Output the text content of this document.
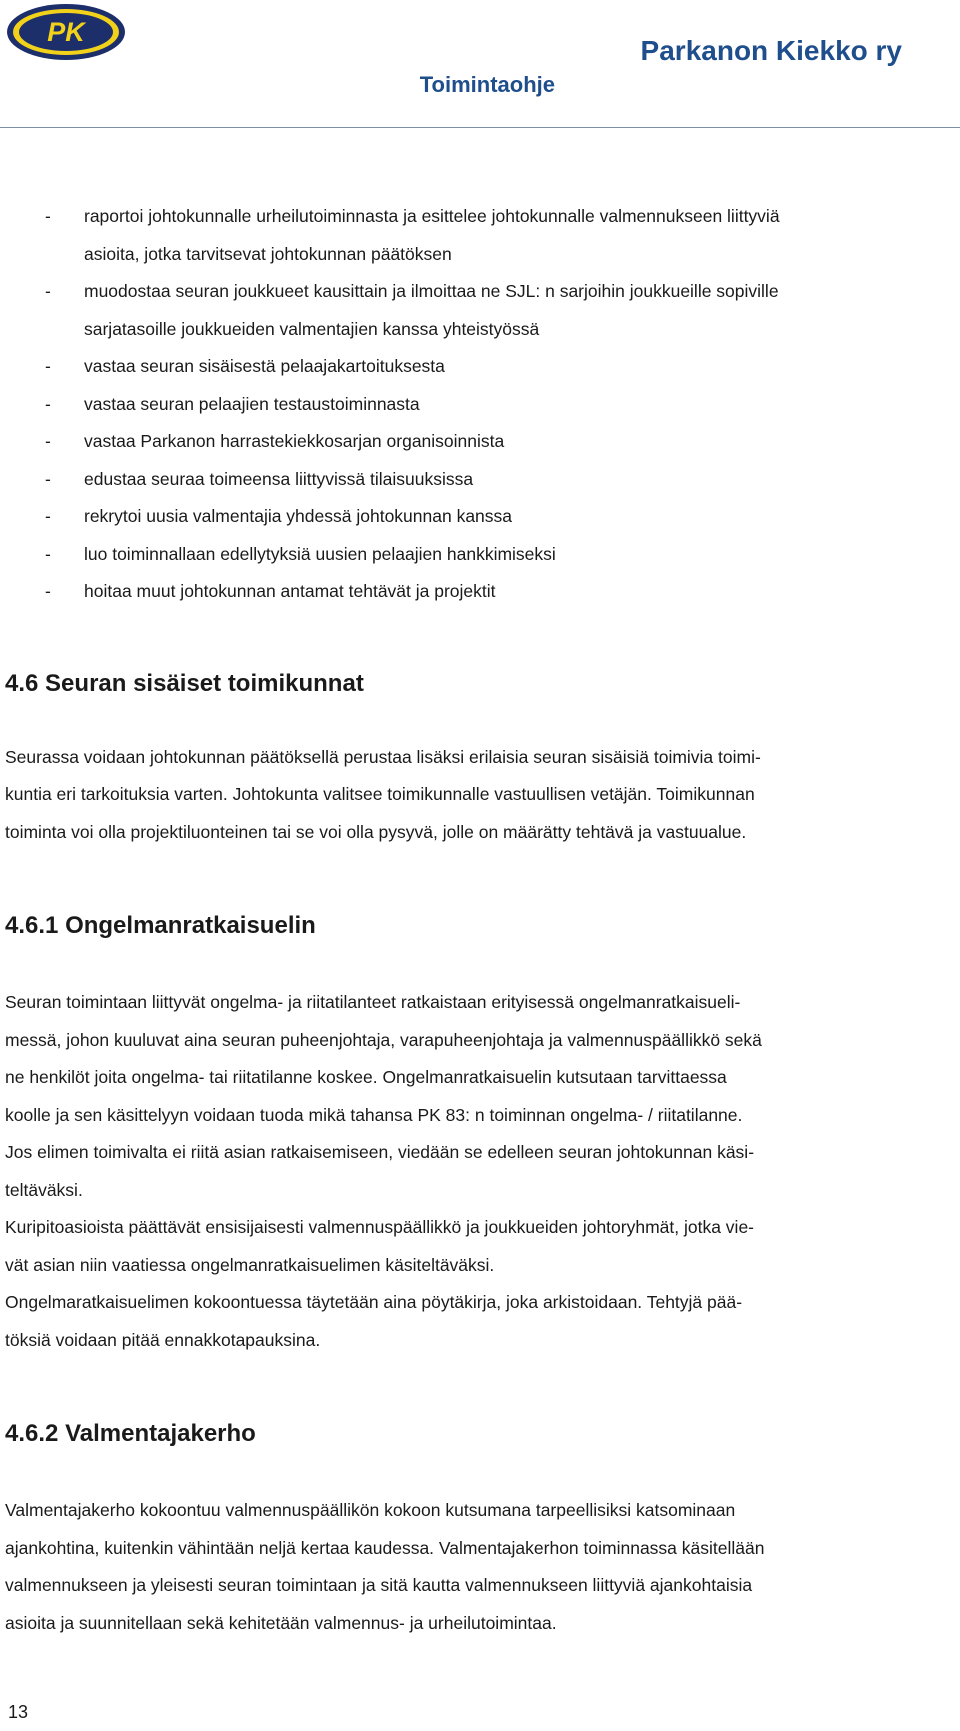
PK
Parkanon Kiekko ry
Toimintaohje
- raportoi johtokunnalle urheilutoiminnasta ja esittelee johtokunnalle valmennukseen liittyviä
asioita, jotka tarvitsevat johtokunnan päätöksen
- muodostaa seuran joukkueet kausittain ja ilmoittaa ne SJL: n sarjoihin joukkueille sopiville
sarjatasoille joukkueiden valmentajien kanssa yhteistyössä
- vastaa seuran sisäisestä pelaajakartoituksesta
- vastaa seuran pelaajien testaustoiminnasta
- vastaa Parkanon harrastekiekkosarjan organisoinnista
- edustaa seuraa toimeensa liittyvissä tilaisuuksissa
- rekrytoi uusia valmentajia yhdessä johtokunnan kanssa
- luo toiminnallaan edellytyksiä uusien pelaajien hankkimiseksi
- hoitaa muut johtokunnan antamat tehtävät ja projektit
4.6 Seuran sisäiset toimikunnat

Seurassa voidaan johtokunnan päätöksellä perustaa lisäksi erilaisia seuran sisäisiä toimivia toimi-

kuntia eri tarkoituksia varten. Johtokunta valitsee toimikunnalle vastuullisen vetäjän. Toimikunnan

toiminta voi olla projektiluonteinen tai se voi olla pysyvä, jolle on määrätty tehtävä ja vastuualue.

4.6.1 Ongelmanratkaisuelin

Seuran toimintaan liittyvät ongelma- ja riitatilanteet ratkaistaan erityisessä ongelmanratkaisueli-

messä, johon kuuluvat aina seuran puheenjohtaja, varapuheenjohtaja ja valmennuspäällikkö sekä

ne henkilöt joita ongelma- tai riitatilanne koskee. Ongelmanratkaisuelin kutsutaan tarvittaessa

koolle ja sen käsittelyyn voidaan tuoda mikä tahansa PK 83: n toiminnan ongelma- / riitatilanne.

Jos elimen toimivalta ei riitä asian ratkaisemiseen, viedään se edelleen seuran johtokunnan käsi-

teltäväksi.

Kuripitoasioista päättävät ensisijaisesti valmennuspäällikkö ja joukkueiden johtoryhmät, jotka vie-

vät asian niin vaatiessa ongelmanratkaisuelimen käsiteltäväksi.

Ongelmaratkaisuelimen kokoontuessa täytetään aina pöytäkirja, joka arkistoidaan. Tehtyjä pää-

töksiä voidaan pitää ennakkotapauksina.

4.6.2 Valmentajakerho

Valmentajakerho kokoontuu valmennuspäällikön kokoon kutsumana tarpeellisiksi katsominaan

ajankohtina, kuitenkin vähintään neljä kertaa kaudessa. Valmentajakerhon toiminnassa käsitellään

valmennukseen ja yleisesti seuran toimintaan ja sitä kautta valmennukseen liittyviä ajankohtaisia

asioita ja suunnitellaan sekä kehitetään valmennus- ja urheilutoimintaa.

13
